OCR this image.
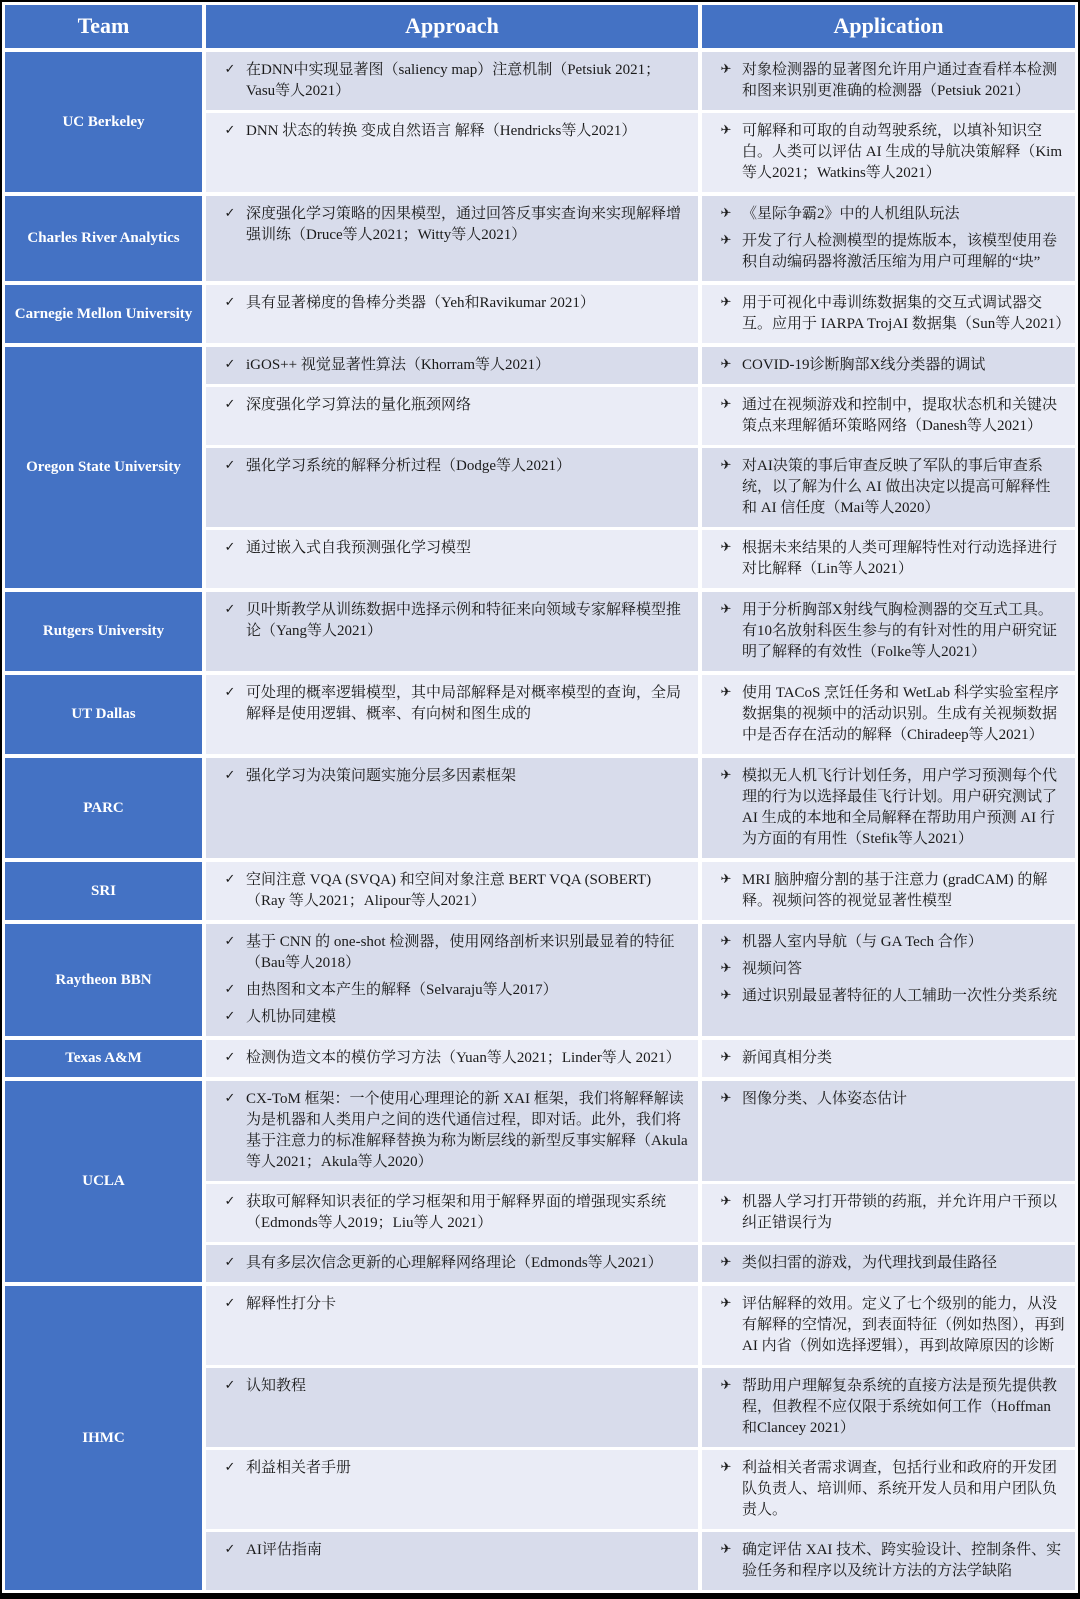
Team	Approach	Application
UC Berkeley
✓ 在DNN中实现显著图（saliency map）注意机制（Petsiuk 2021；Vasu等人2021）
✈ 对象检测器的显著图允许用户通过查看样本检测和图来识别更准确的检测器（Petsiuk 2021）
✓ DNN 状态的转换 变成自然语言 解释（Hendricks等人2021）	✈ 可解释和可取的自动驾驶系统，以填补知识空白。人类可以评估 AI 生成的导航决策解释（Kim等人2021；Watkins等人2021）
Charles River Analytics
✓ 深度强化学习策略的因果模型，通过回答反事实查询来实现解释增强训练（Druce等人2021；Witty等人2021）
✈ 《星际争霸2》中的人机组队玩法
✈ 开发了行人检测模型的提炼版本，该模型使用卷积自动编码器将激活压缩为用户可理解的“块”
Carnegie Mellon University
✓ 具有显著梯度的鲁棒分类器（Yeh和Ravikumar 2021）	✈ 用于可视化中毒训练数据集的交互式调试器交互。应用于 IARPA TrojAI 数据集（Sun等人2021）
Oregon State University
✓ iGOS++ 视觉显著性算法（Khorram等人2021）	✈ COVID-19诊断胸部X线分类器的调试
✓ 深度强化学习算法的量化瓶颈网络	✈ 通过在视频游戏和控制中，提取状态机和关键决策点来理解循环策略网络（Danesh等人2021）
✓ 强化学习系统的解释分析过程（Dodge等人2021）	✈ 对AI决策的事后审查反映了军队的事后审查系统，以了解为什么 AI 做出决定以提高可解释性和 AI 信任度（Mai等人2020）
✓ 通过嵌入式自我预测强化学习模型	✈ 根据未来结果的人类可理解特性对行动选择进行对比解释（Lin等人2021）
Rutgers University
✓ 贝叶斯教学从训练数据中选择示例和特征来向领域专家解释模型推论（Yang等人2021）
✈ 用于分析胸部X射线气胸检测器的交互式工具。有10名放射科医生参与的有针对性的用户研究证明了解释的有效性（Folke等人2021）
UT Dallas
✓ 可处理的概率逻辑模型，其中局部解释是对概率模型的查询，全局解释是使用逻辑、概率、有向树和图生成的
✈ 使用 TACoS 烹饪任务和 WetLab 科学实验室程序数据集的视频中的活动识别。生成有关视频数据中是否存在活动的解释（Chiradeep等人2021）
PARC
✓ 强化学习为决策问题实施分层多因素框架	✈ 模拟无人机飞行计划任务，用户学习预测每个代理的行为以选择最佳飞行计划。用户研究测试了 AI 生成的本地和全局解释在帮助用户预测 AI 行为方面的有用性（Stefik等人2021）
SRI
✓ 空间注意 VQA (SVQA) 和空间对象注意 BERT VQA (SOBERT)（Ray 等人2021；Alipour等人2021）
✈ MRI 脑肿瘤分割的基于注意力 (gradCAM) 的解释。视频问答的视觉显著性模型
Raytheon BBN
✓ 基于 CNN 的 one-shot 检测器，使用网络剖析来识别最显着的特征（Bau等人2018）
✓ 由热图和文本产生的解释（Selvaraju等人2017）
✓ 人机协同建模
✈ 机器人室内导航（与 GA Tech 合作）
✈ 视频问答
✈ 通过识别最显著特征的人工辅助一次性分类系统
Texas A&M	✓ 检测伪造文本的模仿学习方法（Yuan等人2021；Linder等人 2021）	✈ 新闻真相分类
UCLA
✓ CX-ToM 框架：一个使用心理理论的新 XAI 框架，我们将解释解读为是机器和人类用户之间的迭代通信过程，即对话。此外，我们将基于注意力的标准解释替换为称为断层线的新型反事实解释（Akula等人2021；Akula等人2020）
✈ 图像分类、人体姿态估计
✓ 获取可解释知识表征的学习框架和用于解释界面的增强现实系统（Edmonds等人2019；Liu等人 2021）
✈ 机器人学习打开带锁的药瓶，并允许用户干预以纠正错误行为
✓ 具有多层次信念更新的心理解释网络理论（Edmonds等人2021）	✈ 类似扫雷的游戏，为代理找到最佳路径
IHMC
✓ 解释性打分卡	✈ 评估解释的效用。定义了七个级别的能力，从没有解释的空情况，到表面特征（例如热图），再到 AI 内省（例如选择逻辑），再到故障原因的诊断
✓ 认知教程	✈ 帮助用户理解复杂系统的直接方法是预先提供教程，但教程不应仅限于系统如何工作（Hoffman和Clancey 2021）
✓ 利益相关者手册	✈ 利益相关者需求调查，包括行业和政府的开发团队负责人、培训师、系统开发人员和用户团队负责人。
✓ AI评估指南	✈ 确定评估 XAI 技术、跨实验设计、控制条件、实验任务和程序以及统计方法的方法学缺陷
